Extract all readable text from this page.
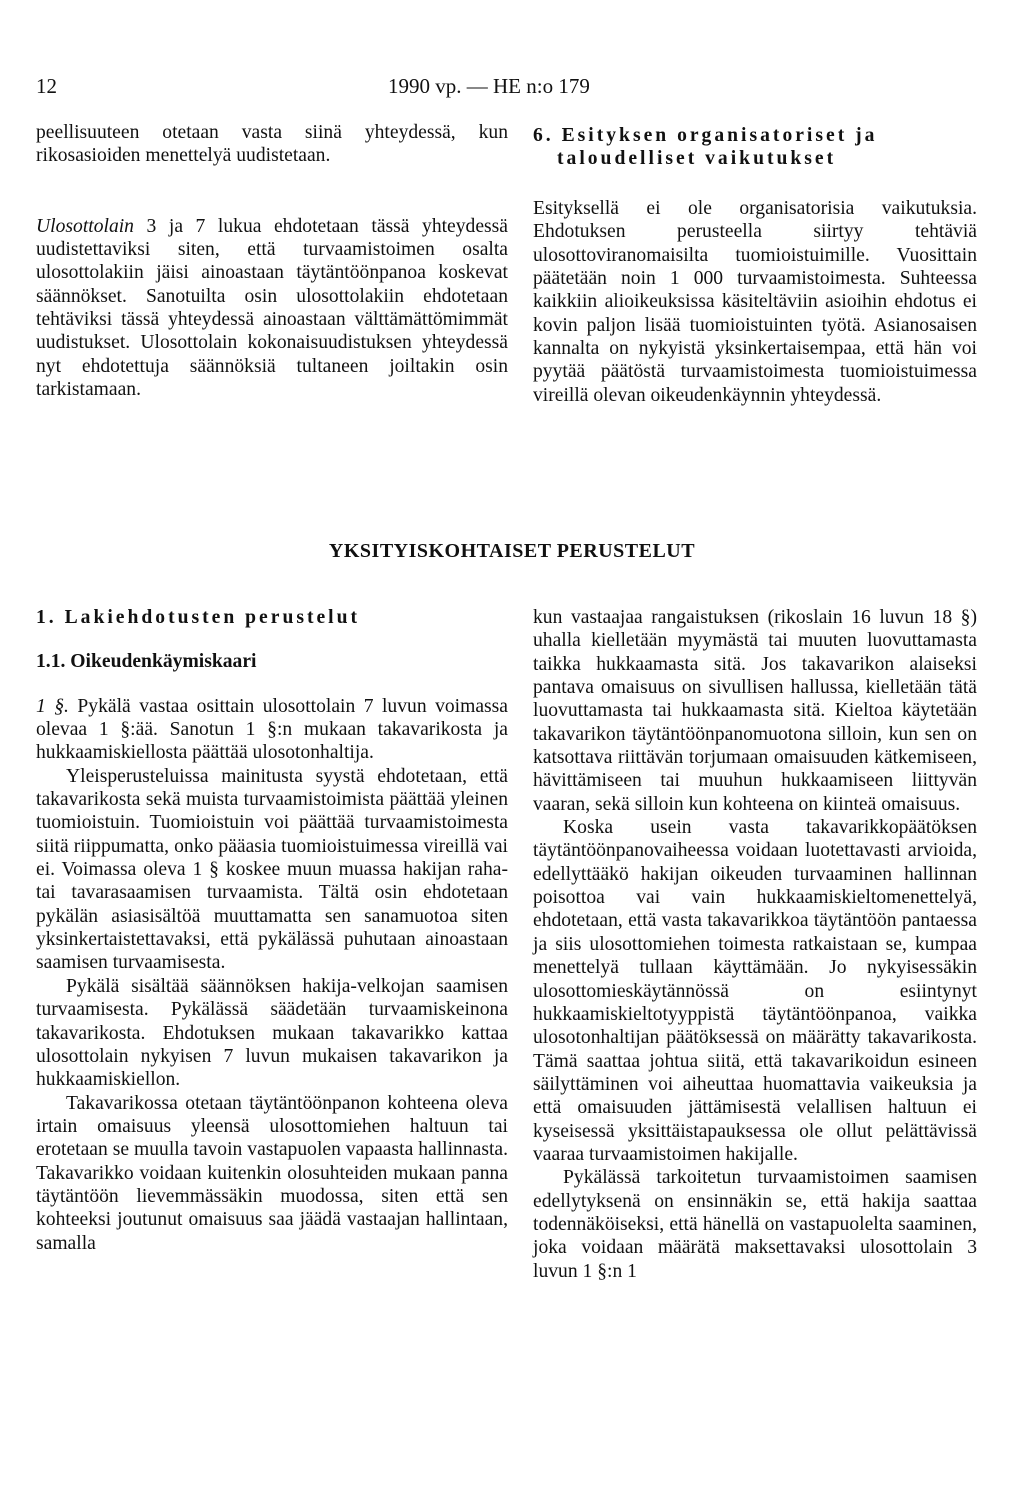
12	1990 vp. — HE n:o 179

peellisuuteen otetaan vasta siinä yhteydessä, kun rikosasioiden menettelyä uudistetaan.

Ulosottolain 3 ja 7 lukua ehdotetaan tässä yhteydessä uudistettaviksi siten, että turvaamistoimen osalta ulosottolakiin jäisi ainoastaan täytäntöönpanoa koskevat säännökset. Sanotuilta osin ulosottolakiin ehdotetaan tehtäviksi tässä yhteydessä ainoastaan välttämättömimmät uudistukset. Ulosottolain kokonaisuudistuksen yhteydessä nyt ehdotettuja säännöksiä tultaneen joiltakin osin tarkistamaan.

6. Esityksen organisatoriset ja
taloudelliset vaikutukset

Esityksellä ei ole organisatorisia vaikutuksia. Ehdotuksen perusteella siirtyy tehtäviä ulosottoviranomaisilta tuomioistuimille. Vuosittain päätetään noin 1 000 turvaamistoimesta. Suhteessa kaikkiin alioikeuksissa käsiteltäviin asioihin ehdotus ei kovin paljon lisää tuomioistuinten työtä. Asianosaisen kannalta on nykyistä yksinkertaisempaa, että hän voi pyytää päätöstä turvaamistoimesta tuomioistuimessa vireillä olevan oikeudenkäynnin yhteydessä.

YKSITYISKOHTAISET PERUSTELUT

1. Lakiehdotusten perustelut

1.1. Oikeudenkäymiskaari

1 §. Pykälä vastaa osittain ulosottolain 7 luvun voimassa olevaa 1 §:ää. Sanotun 1 §:n mukaan takavarikosta ja hukkaamiskiellosta päättää ulosotonhaltija.

Yleisperusteluissa mainitusta syystä ehdotetaan, että takavarikosta sekä muista turvaamistoimista päättää yleinen tuomioistuin. Tuomioistuin voi päättää turvaamistoimesta siitä riippumatta, onko pääasia tuomioistuimessa vireillä vai ei. Voimassa oleva 1 § koskee muun muassa hakijan raha- tai tavarasaamisen turvaamista. Tältä osin ehdotetaan pykälän asiasisältöä muuttamatta sen sanamuotoa siten yksinkertaistettavaksi, että pykälässä puhutaan ainoastaan saamisen turvaamisesta.

Pykälä sisältää säännöksen hakija-velkojan saamisen turvaamisesta. Pykälässä säädetään turvaamiskeinona takavarikosta. Ehdotuksen mukaan takavarikko kattaa ulosottolain nykyisen 7 luvun mukaisen takavarikon ja hukkaamiskiellon.

Takavarikossa otetaan täytäntöönpanon kohteena oleva irtain omaisuus yleensä ulosottomiehen haltuun tai erotetaan se muulla tavoin vastapuolen vapaasta hallinnasta. Takavarikko voidaan kuitenkin olosuhteiden mukaan panna täytäntöön lievemmässäkin muodossa, siten että sen kohteeksi joutunut omaisuus saa jäädä vastaajan hallintaan, samalla

kun vastaajaa rangaistuksen (rikoslain 16 luvun 18 §) uhalla kielletään myymästä tai muuten luovuttamasta taikka hukkaamasta sitä. Jos takavarikon alaiseksi pantava omaisuus on sivullisen hallussa, kielletään tätä luovuttamasta tai hukkaamasta sitä. Kieltoa käytetään takavarikon täytäntöönpanomuotona silloin, kun sen on katsottava riittävän torjumaan omaisuuden kätkemiseen, hävittämiseen tai muuhun hukkaamiseen liittyvän vaaran, sekä silloin kun kohteena on kiinteä omaisuus.

Koska usein vasta takavarikkopäätöksen täytäntöönpanovaiheessa voidaan luotettavasti arvioida, edellyttääkö hakijan oikeuden turvaaminen hallinnan poisottoa vai vain hukkaamiskieltomenettelyä, ehdotetaan, että vasta takavarikkoa täytäntöön pantaessa ja siis ulosottomiehen toimesta ratkaistaan se, kumpaa menettelyä tullaan käyttämään. Jo nykyisessäkin ulosottomieskäytännössä on esiintynyt hukkaamiskieltotyyppistä täytäntöönpanoa, vaikka ulosotonhaltijan päätöksessä on määrätty takavarikosta. Tämä saattaa johtua siitä, että takavarikoidun esineen säilyttäminen voi aiheuttaa huomattavia vaikeuksia ja että omaisuuden jättämisestä velallisen haltuun ei kyseisessä yksittäistapauksessa ole ollut pelättävissä vaaraa turvaamistoimen hakijalle.

Pykälässä tarkoitetun turvaamistoimen saamisen edellytyksenä on ensinnäkin se, että hakija saattaa todennäköiseksi, että hänellä on vastapuolelta saaminen, joka voidaan määrätä maksettavaksi ulosottolain 3 luvun 1 §:n 1
